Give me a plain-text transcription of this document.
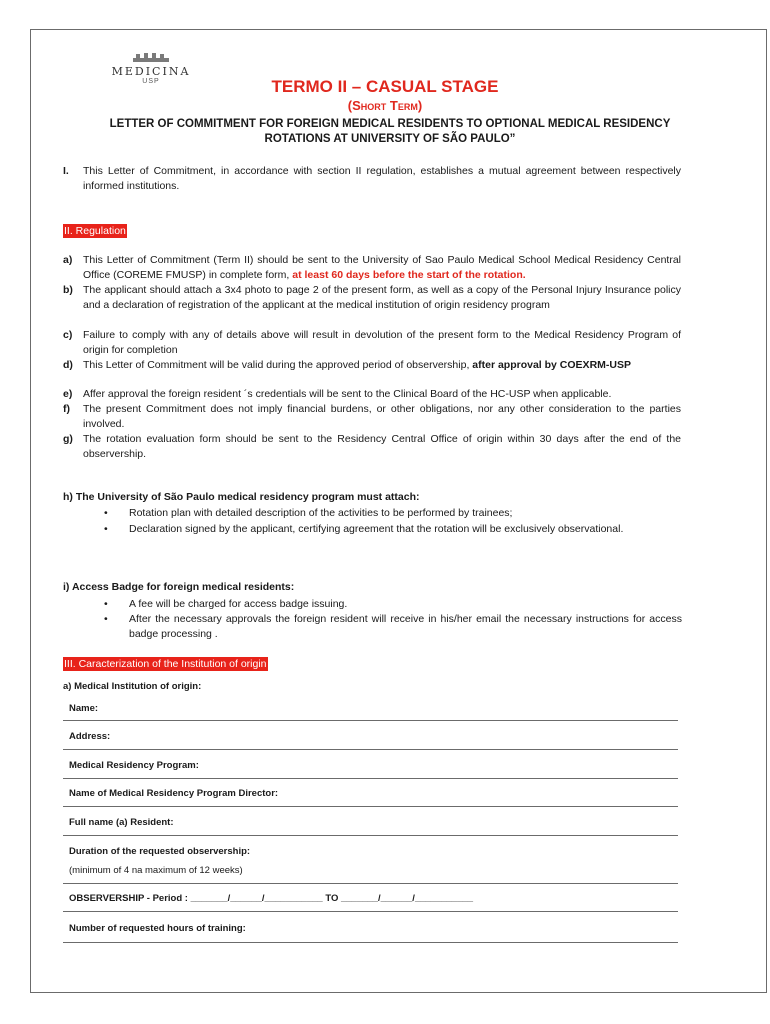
MEDICINA
USP	TERMO II – CASUAL STAGE
(Short Term)
LETTER OF COMMITMENT FOR FOREIGN MEDICAL RESIDENTS TO OPTIONAL MEDICAL RESIDENCY ROTATIONS AT UNIVERSITY OF SÃO PAULO”
I. This Letter of Commitment, in accordance with section II regulation, establishes a mutual agreement between respectively informed institutions.
II. Regulation
a) This Letter of Commitment (Term II) should be sent to the University of Sao Paulo Medical School Medical Residency Central Office (COREME FMUSP) in complete form, at least 60 days before the start of the rotation.
b) The applicant should attach a 3x4 photo to page 2 of the present form, as well as a copy of the Personal Injury Insurance policy and a declaration of registration of the applicant at the medical institution of origin residency program
c) Failure to comply with any of details above will result in devolution of the present form to the Medical Residency Program of origin for completion
d) This Letter of Commitment will be valid during the approved period of observership, after approval by COEXRM-USP
e) Affer approval the foreign resident ´s credentials will be sent to the Clinical Board of the HC-USP when applicable.
f) The present Commitment does not imply financial burdens, or other obligations, nor any other consideration to the parties involved.
g) The rotation evaluation form should be sent to the Residency Central Office of origin within 30 days after the end of the observership.
h) The University of São Paulo medical residency program must attach:
• Rotation plan with detailed description of the activities to be performed by trainees;
• Declaration signed by the applicant, certifying agreement that the rotation will be exclusively observational.
i) Access Badge for foreign medical residents:
• A fee will be charged for access badge issuing.
• After the necessary approvals the foreign resident will receive in his/her email the necessary instructions for access badge processing .
III. Caracterization of the Institution of origin
a) Medical Institution of origin:
Name:
Address:
Medical Residency Program:
Name of Medical Residency Program Director:
Full name (a) Resident:
Duration of the requested observership:
(minimum of 4 na maximum of 12 weeks)
OBSERVERSHIP - Period : _______/______/___________ TO _______/______/___________
Number of requested hours of training:
